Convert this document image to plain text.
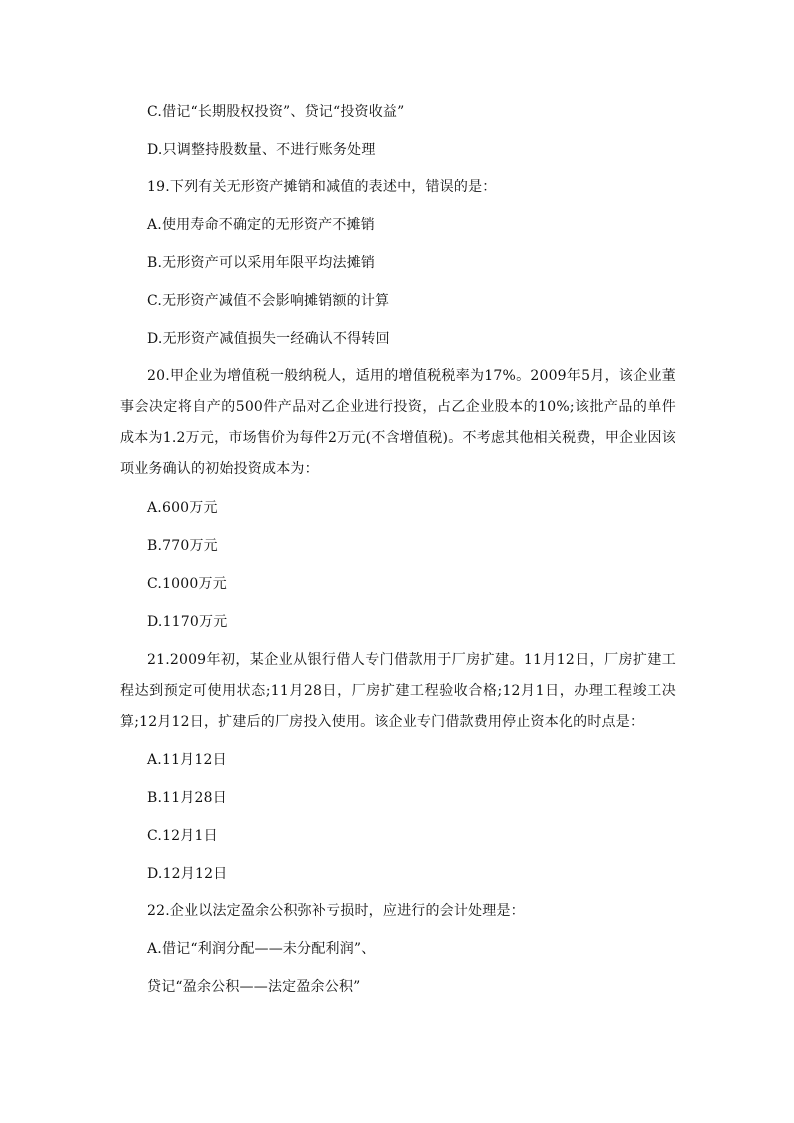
C.借记“长期股权投资”、贷记“投资收益”
D.只调整持股数量、不进行账务处理
19.下列有关无形资产摊销和减值的表述中，错误的是：
A.使用寿命不确定的无形资产不摊销
B.无形资产可以采用年限平均法摊销
C.无形资产减值不会影响摊销额的计算
D.无形资产减值损失一经确认不得转回
20.甲企业为增值税一般纳税人，适用的增值税税率为17%。2009年5月，该企业董事会决定将自产的500件产品对乙企业进行投资，占乙企业股本的10%;该批产品的单件成本为1.2万元，市场售价为每件2万元(不含增值税)。不考虑其他相关税费，甲企业因该项业务确认的初始投资成本为：
A.600万元
B.770万元
C.1000万元
D.1170万元
21.2009年初，某企业从银行借人专门借款用于厂房扩建。11月12日，厂房扩建工程达到预定可使用状态;11月28日，厂房扩建工程验收合格;12月1日，办理工程竣工决算;12月12日，扩建后的厂房投入使用。该企业专门借款费用停止资本化的时点是：
A.11月12日
B.11月28日
C.12月1日
D.12月12日
22.企业以法定盈余公积弥补亏损时，应进行的会计处理是：
A.借记“利润分配——未分配利润”、
贷记“盈余公积——法定盈余公积”
